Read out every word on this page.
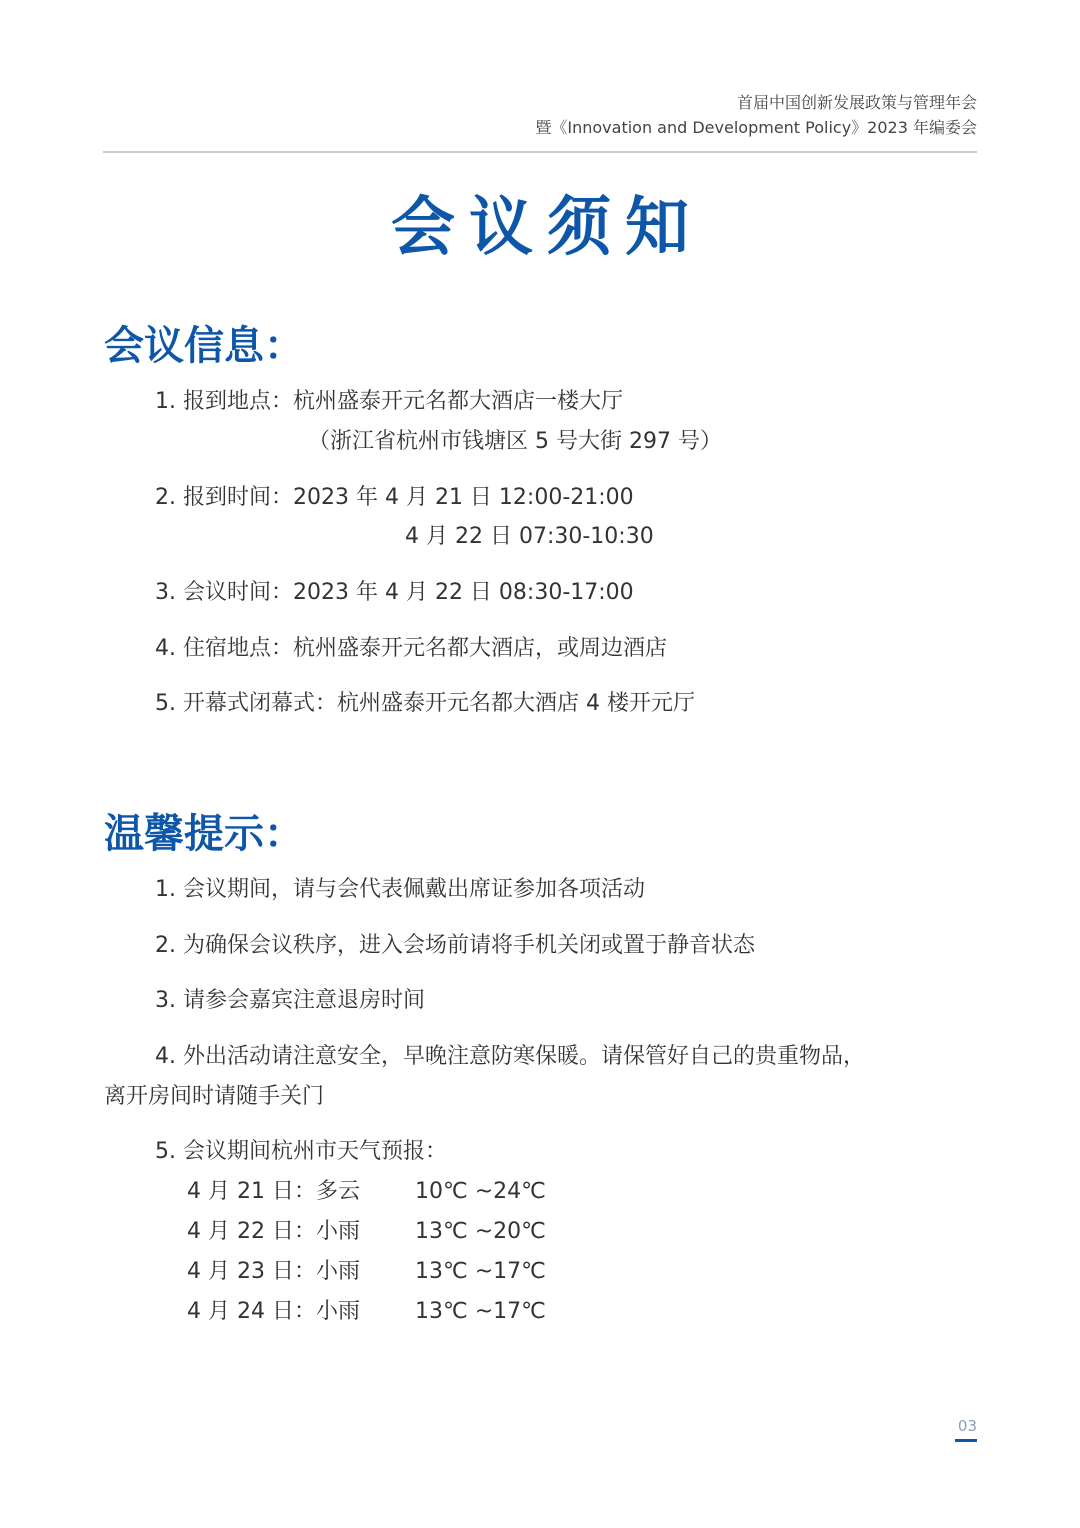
首届中国创新发展政策与管理年会
暨《Innovation and Development Policy》2023 年编委会
会议须知
会议信息：
1. 报到地点：杭州盛泰开元名都大酒店一楼大厅
（浙江省杭州市钱塘区 5 号大街 297 号）
2. 报到时间：2023 年 4 月 21 日 12:00-21:00
4 月 22 日 07:30-10:30
3. 会议时间：2023 年 4 月 22 日 08:30-17:00
4. 住宿地点：杭州盛泰开元名都大酒店，或周边酒店
5. 开幕式闭幕式：杭州盛泰开元名都大酒店 4 楼开元厅
温馨提示：
1. 会议期间，请与会代表佩戴出席证参加各项活动
2. 为确保会议秩序，进入会场前请将手机关闭或置于静音状态
3. 请参会嘉宾注意退房时间
4. 外出活动请注意安全，早晚注意防寒保暖。请保管好自己的贵重物品，
离开房间时请随手关门
5. 会议期间杭州市天气预报：
4 月 21 日：多云	10℃ ~24℃
4 月 22 日：小雨	13℃ ~20℃
4 月 23 日：小雨	13℃ ~17℃
4 月 24 日：小雨	13℃ ~17℃
03
